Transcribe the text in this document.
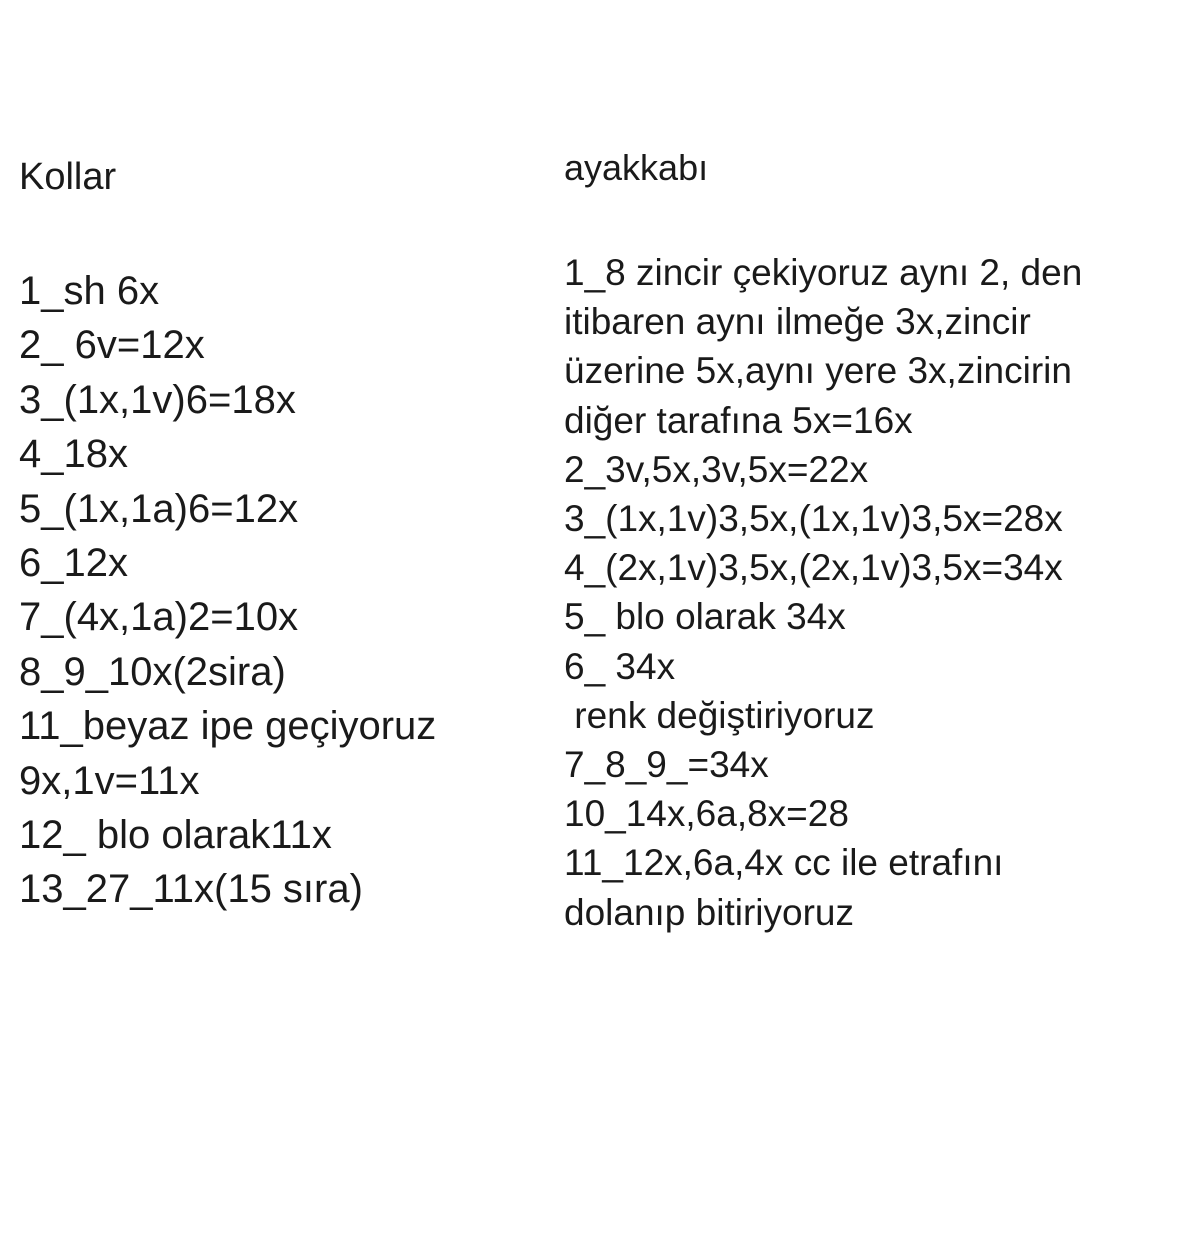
Kollar
1_sh 6x
2_ 6v=12x
3_(1x,1v)6=18x
4_18x
5_(1x,1a)6=12x
6_12x
7_(4x,1a)2=10x
8_9_10x(2sira)
11_beyaz ipe geçiyoruz
9x,1v=11x
12_ blo olarak11x
13_27_11x(15 sıra)
ayakkabı
1_8 zincir çekiyoruz aynı 2, den
itibaren aynı ilmeğe 3x,zincir
üzerine 5x,aynı yere 3x,zincirin
diğer tarafına 5x=16x
2_3v,5x,3v,5x=22x
3_(1x,1v)3,5x,(1x,1v)3,5x=28x
4_(2x,1v)3,5x,(2x,1v)3,5x=34x
5_ blo olarak 34x
6_ 34x
renk değiştiriyoruz
7_8_9_=34x
10_14x,6a,8x=28
11_12x,6a,4x cc ile etrafını
dolanıp bitiriyoruz
